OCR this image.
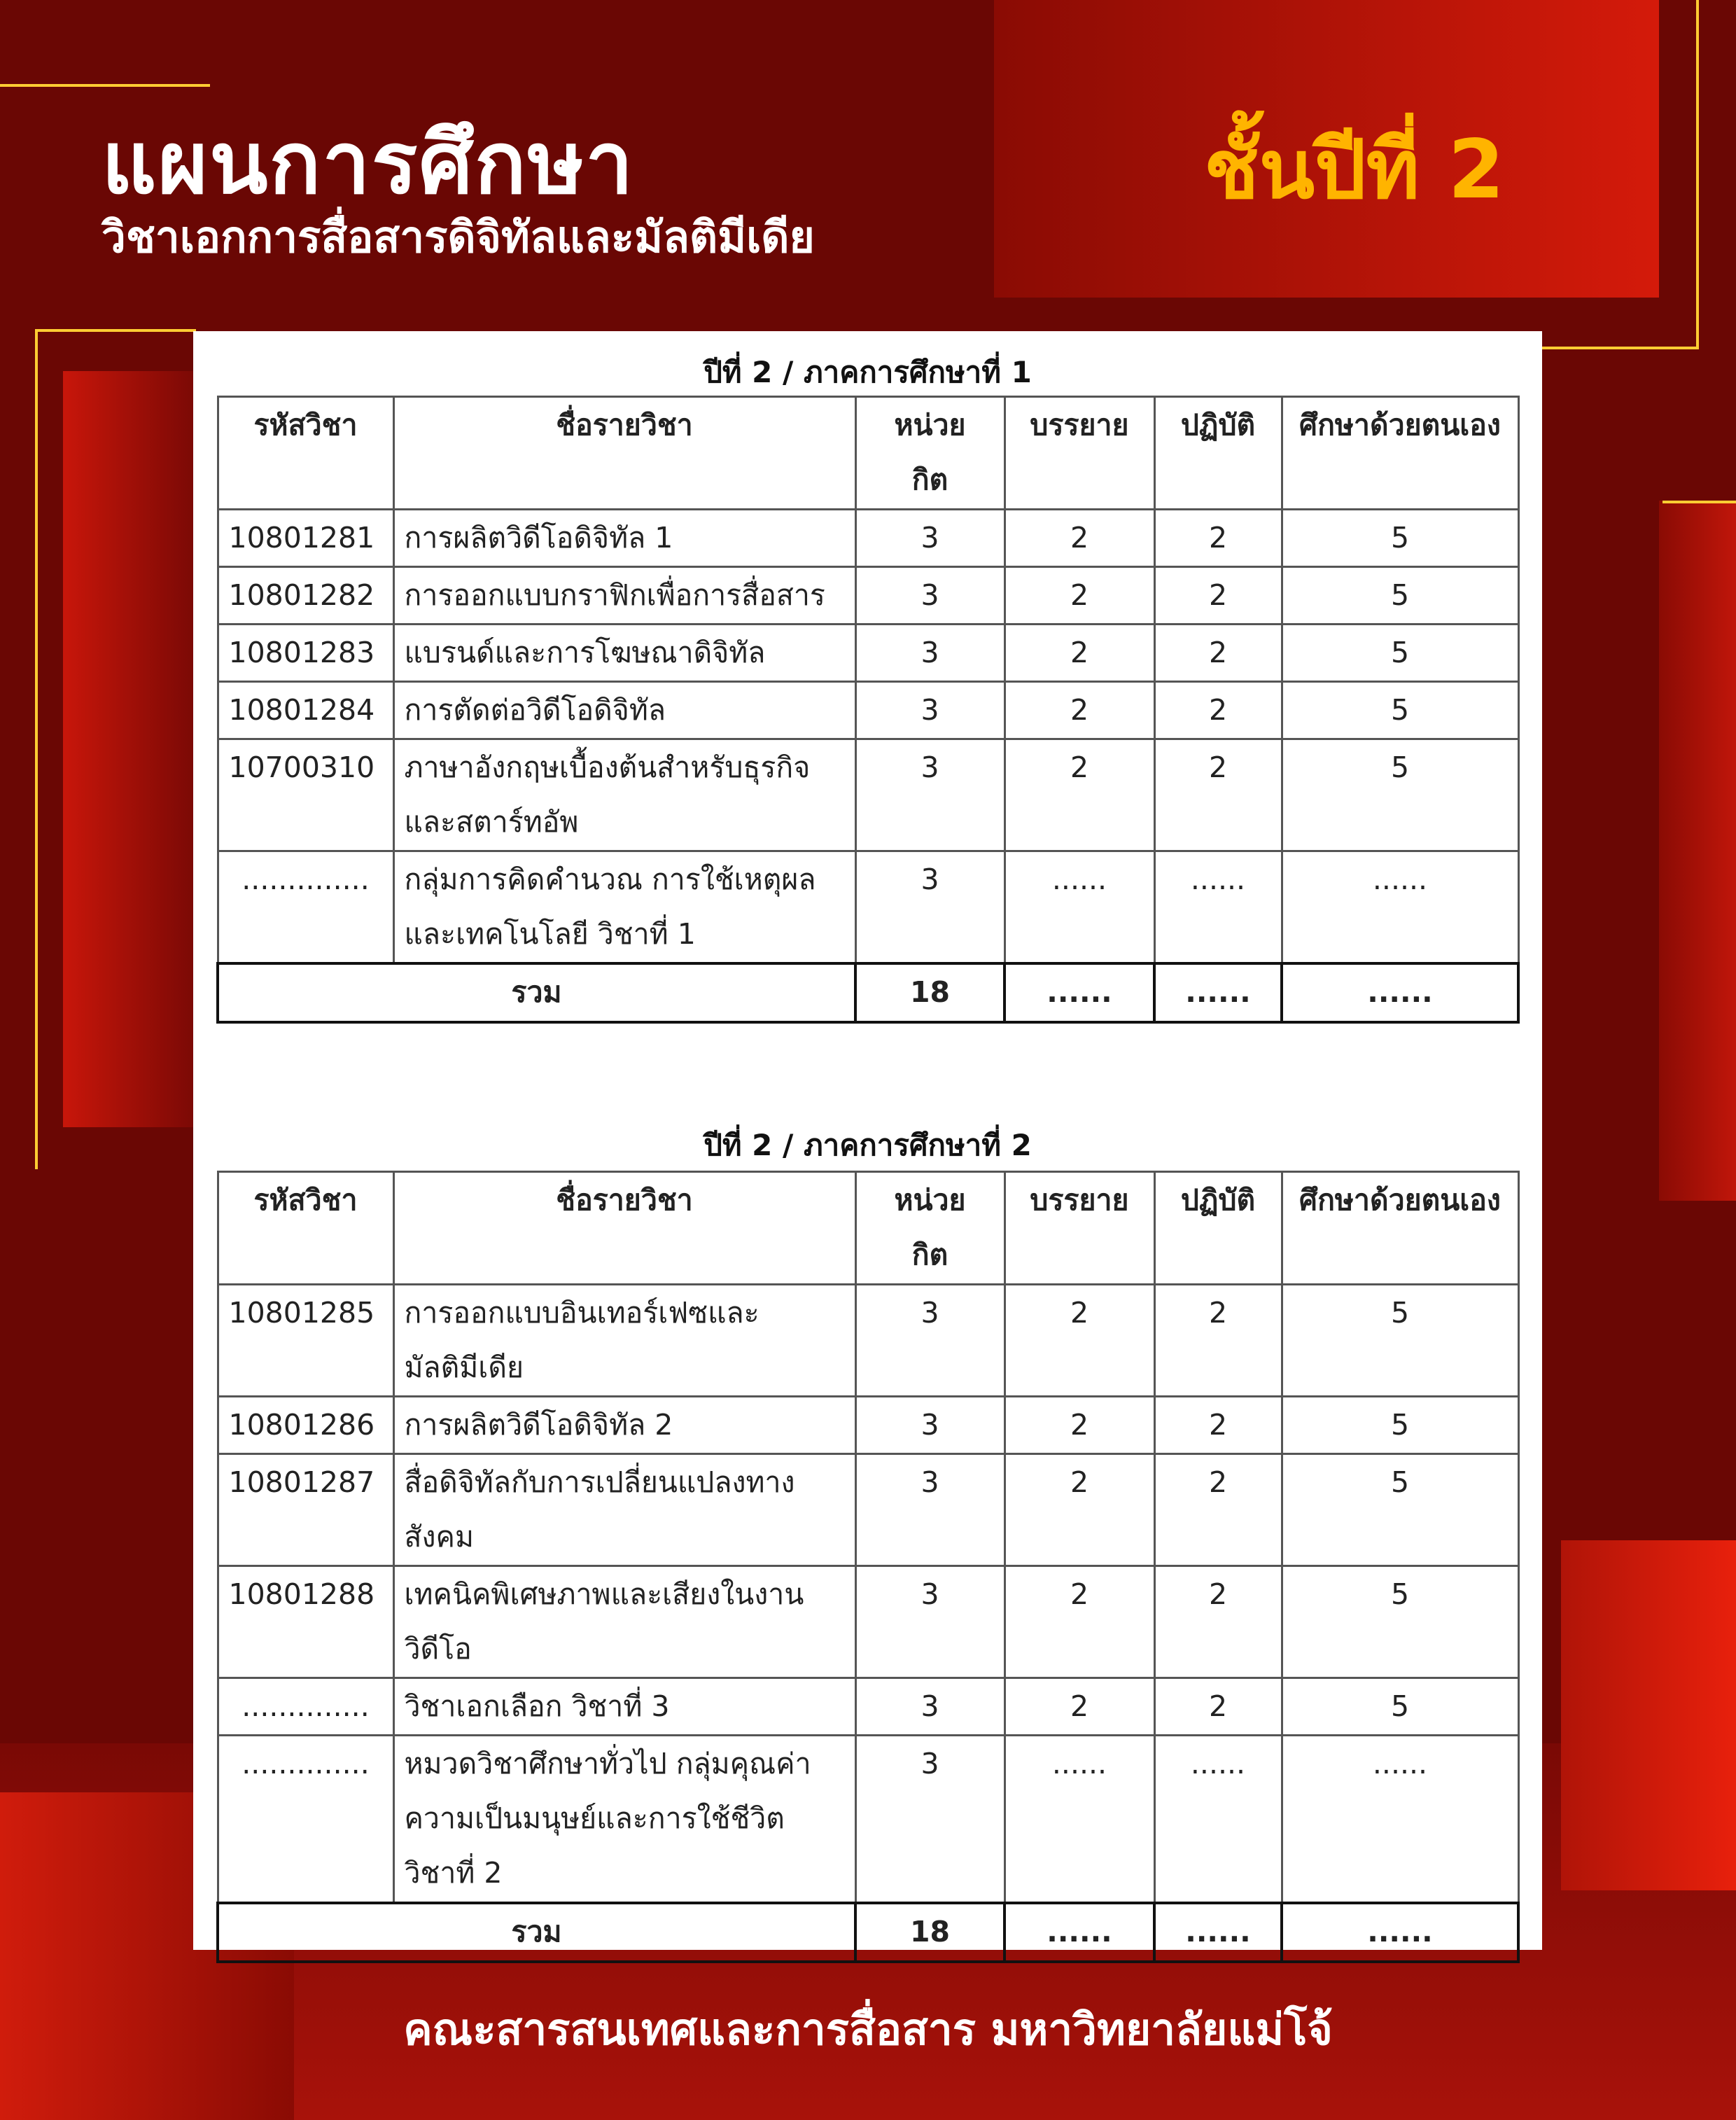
แผนการศึกษา
วิชาเอกการสื่อสารดิจิทัลและมัลติมีเดีย
ชั้นปีที่ 2
ปีที่ 2 / ภาคการศึกษาที่ 1
รหัสวิชา	ชื่อรายวิชา	หน่วยกิต	บรรยาย	ปฏิบัติ	ศึกษาด้วยตนเอง
10801281	การผลิตวิดีโอดิจิทัล 1	3	2	2	5
10801282	การออกแบบกราฟิกเพื่อการสื่อสาร	3	2	2	5
10801283	แบรนด์และการโฆษณาดิจิทัล	3	2	2	5
10801284	การตัดต่อวิดีโอดิจิทัล	3	2	2	5
10700310	ภาษาอังกฤษเบื้องต้นสำหรับธุรกิจและสตาร์ทอัพ	3	2	2	5
..............	กลุ่มการคิดคำนวณ การใช้เหตุผลและเทคโนโลยี วิชาที่ 1	3	......	......	......
รวม		18	......	......	......
ปีที่ 2 / ภาคการศึกษาที่ 2
รหัสวิชา	ชื่อรายวิชา	หน่วยกิต	บรรยาย	ปฏิบัติ	ศึกษาด้วยตนเอง
10801285	การออกแบบอินเทอร์เฟซและมัลติมีเดีย	3	2	2	5
10801286	การผลิตวิดีโอดิจิทัล 2	3	2	2	5
10801287	สื่อดิจิทัลกับการเปลี่ยนแปลงทางสังคม	3	2	2	5
10801288	เทคนิคพิเศษภาพและเสียงในงานวิดีโอ	3	2	2	5
..............	วิชาเอกเลือก วิชาที่ 3	3	2	2	5
..............	หมวดวิชาศึกษาทั่วไป กลุ่มคุณค่าความเป็นมนุษย์และการใช้ชีวิต วิชาที่ 2	3	......	......	......
รวม		18	......	......	......
คณะสารสนเทศและการสื่อสาร มหาวิทยาลัยแม่โจ้
